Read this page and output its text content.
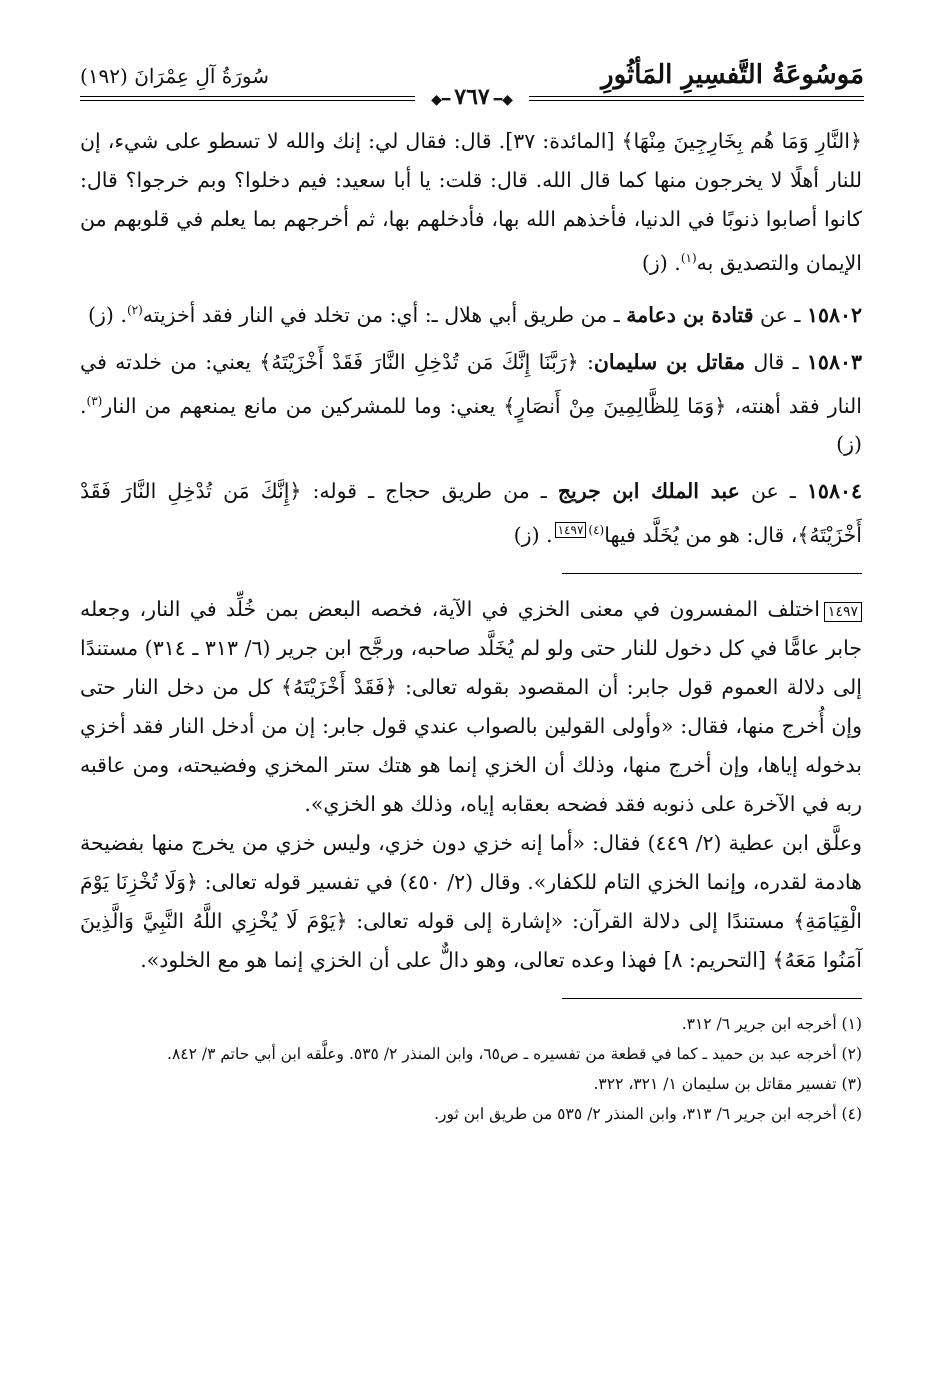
مَوسُوعَةُ التَّفسِيرِ المَأثُورِ
سُورَةُ آلِ عِمْرَانَ (١٩٢)
◆━٧٦٧━◆

﴿النَّارِ وَمَا هُم بِخَارِجِينَ مِنْهَا﴾ [المائدة: ٣٧]. قال: فقال لي: إنك والله لا تسطو على شيء، إن للنار أهلًا لا يخرجون منها كما قال الله. قال: قلت: يا أبا سعيد: فيم دخلوا؟ وبم خرجوا؟ قال: كانوا أصابوا ذنوبًا في الدنيا، فأخذهم الله بها، فأدخلهم بها، ثم أخرجهم بما يعلم في قلوبهم من الإيمان والتصديق به$^{(١)}$. (ز)

١٥٨٠٢ ـ عن قتادة بن دعامة ـ من طريق أبي هلال ـ: أي: من تخلد في النار فقد أخزيته$^{(٢)}$. (ز)

١٥٨٠٣ ـ قال مقاتل بن سليمان: ﴿رَبَّنَا إِنَّكَ مَن تُدْخِلِ النَّارَ فَقَدْ أَخْزَيْتَهُ﴾ يعني: من خلدته في النار فقد أهنته، ﴿وَمَا لِلظَّالِمِينَ مِنْ أَنصَارٍ﴾ يعني: وما للمشركين من مانع يمنعهم من النار$^{(٣)}$. (ز)

١٥٨٠٤ ـ عن عبد الملك ابن جريج ـ من طريق حجاج ـ قوله: ﴿إِنَّكَ مَن تُدْخِلِ النَّارَ فَقَدْ أَخْزَيْتَهُ﴾، قال: هو من يُخَلَّد فيها$^{(٤)}$١٤٩٧. (ز)

١٤٩٧اختلف المفسرون في معنى الخزي في الآية، فخصه البعض بمن خُلِّد في النار، وجعله جابر عامًّا في كل دخول للنار حتى ولو لم يُخَلَّد صاحبه، ورجَّح ابن جرير (٦/ ٣١٣ ـ ٣١٤) مستندًا إلى دلالة العموم قول جابر: أن المقصود بقوله تعالى: ﴿فَقَدْ أَخْزَيْتَهُ﴾ كل من دخل النار حتى وإن أُخرج منها، فقال: «وأولى القولين بالصواب عندي قول جابر: إن من أدخل النار فقد أخزي بدخوله إياها، وإن أخرج منها، وذلك أن الخزي إنما هو هتك ستر المخزي وفضيحته، ومن عاقبه ربه في الآخرة على ذنوبه فقد فضحه بعقابه إياه، وذلك هو الخزي».

وعلَّق ابن عطية (٢/ ٤٤٩) فقال: «أما إنه خزي دون خزي، وليس خزي من يخرج منها بفضيحة هادمة لقدره، وإنما الخزي التام للكفار». وقال (٢/ ٤٥٠) في تفسير قوله تعالى: ﴿وَلَا تُخْزِنَا يَوْمَ الْقِيَامَةِ﴾ مستندًا إلى دلالة القرآن: «إشارة إلى قوله تعالى: ﴿يَوْمَ لَا يُخْزِي اللَّهُ النَّبِيَّ وَالَّذِينَ آمَنُوا مَعَهُ﴾ [التحريم: ٨] فهذا وعده تعالى، وهو دالٌّ على أن الخزي إنما هو مع الخلود».

(١) أخرجه ابن جرير ٦/ ٣١٢.

(٢) أخرجه عبد بن حميد ـ كما في قطعة من تفسيره ـ ص٦٥، وابن المنذر ٢/ ٥٣٥. وعلَّقه ابن أبي حاتم ٣/ ٨٤٢.

(٣) تفسير مقاتل بن سليمان ١/ ٣٢١، ٣٢٢.

(٤) أخرجه ابن جرير ٦/ ٣١٣، وابن المنذر ٢/ ٥٣٥ من طريق ابن ثور.
